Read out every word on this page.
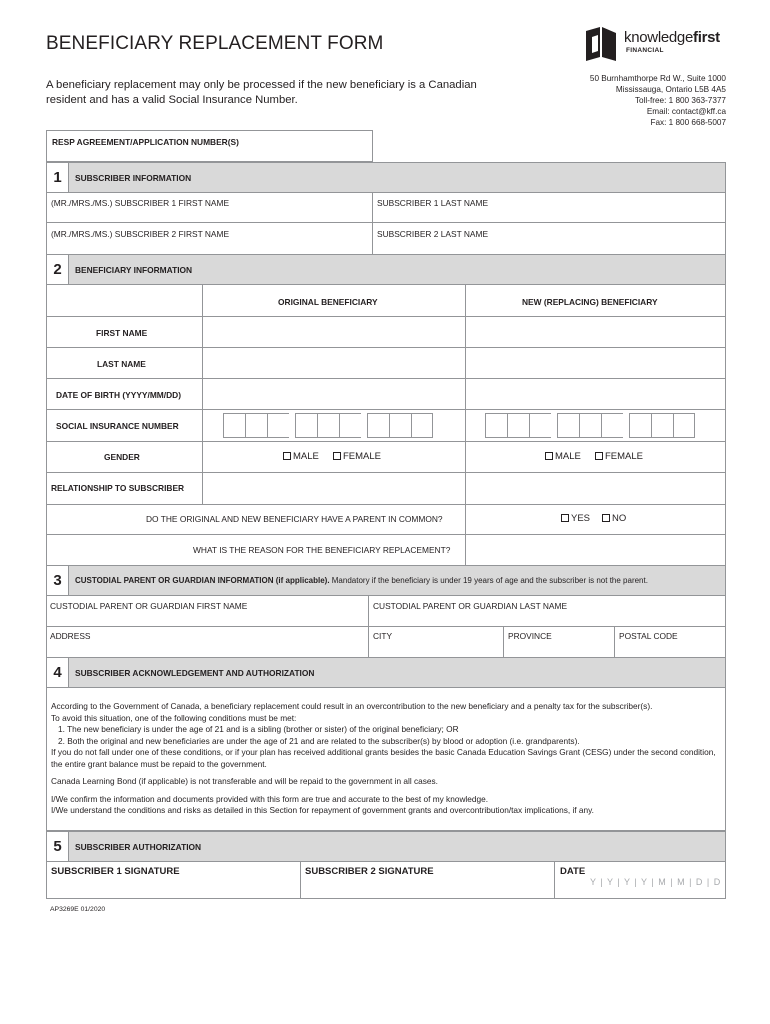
BENEFICIARY REPLACEMENT FORM

A beneficiary replacement may only be processed if the new beneficiary is a Canadian resident and has a valid Social Insurance Number.

knowledgefirst
FINANCIAL
50 Burnhamthorpe Rd W., Suite 1000
Mississauga, Ontario L5B 4A5
Toll-free: 1 800 363-7377
Email: contact@kff.ca
Fax: 1 800 668-5007
RESP AGREEMENT/APPLICATION NUMBER(S)
1	SUBSCRIBER INFORMATION
(MR./MRS./MS.) SUBSCRIBER 1 FIRST NAME	SUBSCRIBER 1 LAST NAME
(MR./MRS./MS.) SUBSCRIBER 2 FIRST NAME	SUBSCRIBER 2 LAST NAME
2	BENEFICIARY INFORMATION
ORIGINAL BENEFICIARY	NEW (REPLACING) BENEFICIARY
FIRST NAME
LAST NAME
DATE OF BIRTH (YYYY/MM/DD)
SOCIAL INSURANCE NUMBER
GENDER	MALE	FEMALE	MALE	FEMALE
RELATIONSHIP TO SUBSCRIBER
DO THE ORIGINAL AND NEW BENEFICIARY HAVE A PARENT IN COMMON?	YES	NO
WHAT IS THE REASON FOR THE BENEFICIARY REPLACEMENT?
3	CUSTODIAL PARENT OR GUARDIAN INFORMATION (if applicable). Mandatory if the beneficiary is under 19 years of age and the subscriber is not the parent.
CUSTODIAL PARENT OR GUARDIAN FIRST NAME	CUSTODIAL PARENT OR GUARDIAN LAST NAME
ADDRESS	CITY	PROVINCE	POSTAL CODE
4	SUBSCRIBER ACKNOWLEDGEMENT AND AUTHORIZATION

According to the Government of Canada, a beneficiary replacement could result in an overcontribution to the new beneficiary and a penalty tax for the subscriber(s).

To avoid this situation, one of the following conditions must be met:

1. The new beneficiary is under the age of 21 and is a sibling (brother or sister) of the original beneficiary; OR

2. Both the original and new beneficiaries are under the age of 21 and are related to the subscriber(s) by blood or adoption (i.e. grandparents).

If you do not fall under one of these conditions, or if your plan has received additional grants besides the basic Canada Education Savings Grant (CESG) under the second condition, the entire grant balance must be repaid to the government.

Canada Learning Bond (if applicable) is not transferable and will be repaid to the government in all cases.

I/We confirm the information and documents provided with this form are true and accurate to the best of my knowledge.

I/We understand the conditions and risks as detailed in this Section for repayment of government grants and overcontribution/tax implications, if any.

5	SUBSCRIBER AUTHORIZATION
SUBSCRIBER 1 SIGNATURE	SUBSCRIBER 2 SIGNATURE	DATE
Y | Y | Y | Y | M | M | D | D
AP3269E 01/2020
